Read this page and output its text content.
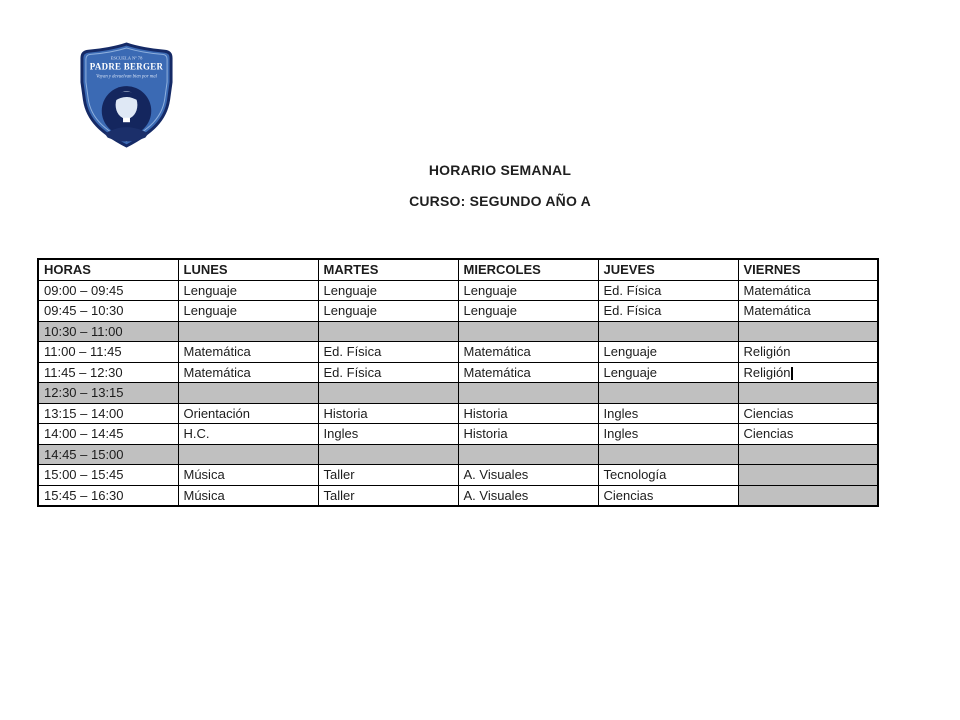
ESCUELA Nº 78
PADRE BERGER
Vayan y devuelvan bien por mal
HORARIO SEMANAL
CURSO: SEGUNDO AÑO A
HORAS	LUNES	MARTES	MIERCOLES	JUEVES	VIERNES
09:00 – 09:45	Lenguaje	Lenguaje	Lenguaje	Ed. Física	Matemática
09:45 – 10:30	Lenguaje	Lenguaje	Lenguaje	Ed. Física	Matemática
10:30 – 11:00					
11:00 – 11:45	Matemática	Ed. Física	Matemática	Lenguaje	Religión
11:45 – 12:30	Matemática	Ed. Física	Matemática	Lenguaje	Religión
12:30 – 13:15					
13:15 – 14:00	Orientación	Historia	Historia	Ingles	Ciencias
14:00 – 14:45	H.C.	Ingles	Historia	Ingles	Ciencias
14:45 – 15:00					
15:00 – 15:45	Música	Taller	A. Visuales	Tecnología	
15:45 – 16:30	Música	Taller	A. Visuales	Ciencias	
